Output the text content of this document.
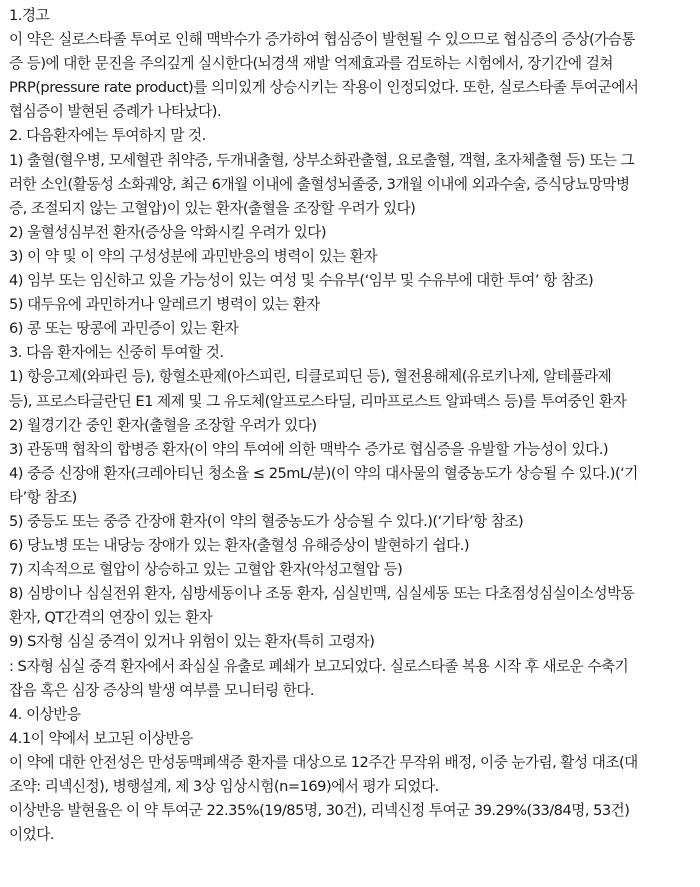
1.경고

이 약은 실로스타졸 투여로 인해 맥박수가 증가하여 협심증이 발현될 수 있으므로 협심증의 증상(가슴통

증 등)에 대한 문진을 주의깊게 실시한다(뇌경색 재발 억제효과를 검토하는 시험에서, 장기간에 걸쳐

PRP(pressure rate product)를 의미있게 상승시키는 작용이 인정되었다. 또한, 실로스타졸 투여군에서

협심증이 발현된 증례가 나타났다).

2. 다음환자에는 투여하지 말 것.

1) 출혈(혈우병, 모세혈관 취약증, 두개내출혈, 상부소화관출혈, 요로출혈, 객혈, 초자체출혈 등) 또는 그

러한 소인(활동성 소화궤양, 최근 6개월 이내에 출혈성뇌졸중, 3개월 이내에 외과수술, 증식당뇨망막병

증, 조절되지 않는 고혈압)이 있는 환자(출혈을 조장할 우려가 있다)

2) 울혈성심부전 환자(증상을 악화시킬 우려가 있다)

3) 이 약 및 이 약의 구성성분에 과민반응의 병력이 있는 환자

4) 임부 또는 임신하고 있을 가능성이 있는 여성 및 수유부(‘임부 및 수유부에 대한 투여’ 항 참조)

5) 대두유에 과민하거나 알레르기 병력이 있는 환자

6) 콩 또는 땅콩에 과민증이 있는 환자

3. 다음 환자에는 신중히 투여할 것.

1) 항응고제(와파린 등), 항혈소판제(아스피린, 티클로피딘 등), 혈전용해제(유로키나제, 알테플라제

등), 프로스타글란딘 E1 제제 및 그 유도체(알프로스타딜, 리마프로스트 알파덱스 등)를 투여중인 환자

2) 월경기간 중인 환자(출혈을 조장할 우려가 있다)

3) 관동맥 협착의 합병증 환자(이 약의 투여에 의한 맥박수 증가로 협심증을 유발할 가능성이 있다.)

4) 중증 신장애 환자(크레아티닌 청소율 ≤ 25mL/분)(이 약의 대사물의 혈중농도가 상승될 수 있다.)(‘기

타’항 참조)

5) 중등도 또는 중증 간장애 환자(이 약의 혈중농도가 상승될 수 있다.)(‘기타’항 참조)

6) 당뇨병 또는 내당능 장애가 있는 환자(출혈성 유해증상이 발현하기 쉽다.)

7) 지속적으로 혈압이 상승하고 있는 고혈압 환자(악성고혈압 등)

8) 심방이나 심실전위 환자, 심방세동이나 조동 환자, 심실빈맥, 심실세동 또는 다초점성심실이소성박동

환자, QT간격의 연장이 있는 환자

9) S자형 심실 중격이 있거나 위험이 있는 환자(특히 고령자)

: S자형 심실 중격 환자에서 좌심실 유출로 폐쇄가 보고되었다. 실로스타졸 복용 시작 후 새로운 수축기

잡음 혹은 심장 증상의 발생 여부를 모니터링 한다.

4. 이상반응

4.1이 약에서 보고된 이상반응

이 약에 대한 안전성은 만성동맥폐색증 환자를 대상으로 12주간 무작위 배정, 이중 눈가림, 활성 대조(대

조약: 리넥신정), 병행설계, 제 3상 임상시험(n=169)에서 평가 되었다.

이상반응 발현율은 이 약 투여군 22.35%(19/85명, 30건), 리넥신정 투여군 39.29%(33/84명, 53건)

이었다.
